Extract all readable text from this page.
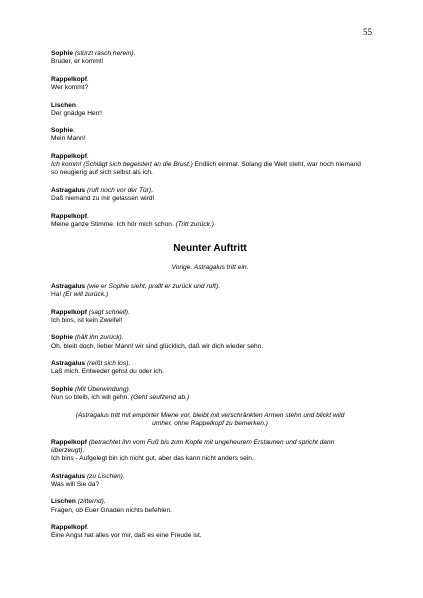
55
Sophie (stürzt rasch herein).
Bruder, er kommt!
Rappelkopf.
Wer kommt?
Lischen.
Der gnädge Herr!
Sophie.
Mein Mann!
Rappelkopf.
Ich komm! (Schlägt sich begeistert an die Brust.) Endlich einmal. Solang die Welt steht, war noch niemand so neugierig auf sich selbst als ich.
Astragalus (ruft noch vor der Tür).
Daß niemand zu mir gelassen wird!
Rappelkopf.
Meine ganze Stimme. Ich hör mich schon. (Tritt zurück.)
Neunter Auftritt
Vorige. Astragalus tritt ein.
Astragalus (wie er Sophie sieht, prallt er zurück und ruft).
Ha! (Er will zurück.)
Rappelkopf (sagt schnell).
Ich bins, ist kein Zweifel!
Sophie (hält ihn zurück).
Oh, bleib doch, lieber Mann! wir sind glücklich, daß wir dich wieder sehn.
Astragalus (reißt sich los).
Laß mich. Entweder gehst du oder ich.
Sophie (Mit Überwindung).
Nun so bleib, ich will gehn. (Geht seufzend ab.)
(Astragalus tritt mit empörter Miene vor, bleibt mit verschränkten Armen stehn und blickt wild umher, ohne Rappelkopf zu bemerken.)
Rappelkopf (betrachtet ihn vom Fuß bis zum Kopfe mit ungeheurem Erstaunen und spricht dann überzeugt).
Ich bins - Aufgelegt bin ich nicht gut, aber das kann nicht anders sein.
Astragalus (zu Lischen).
Was will Sie da?
Lischen (zitternd).
Fragen, ob Euer Gnaden nichts befehlen.
Rappelkopf.
Eine Angst hat alles vor mir, daß es eine Freude ist.
